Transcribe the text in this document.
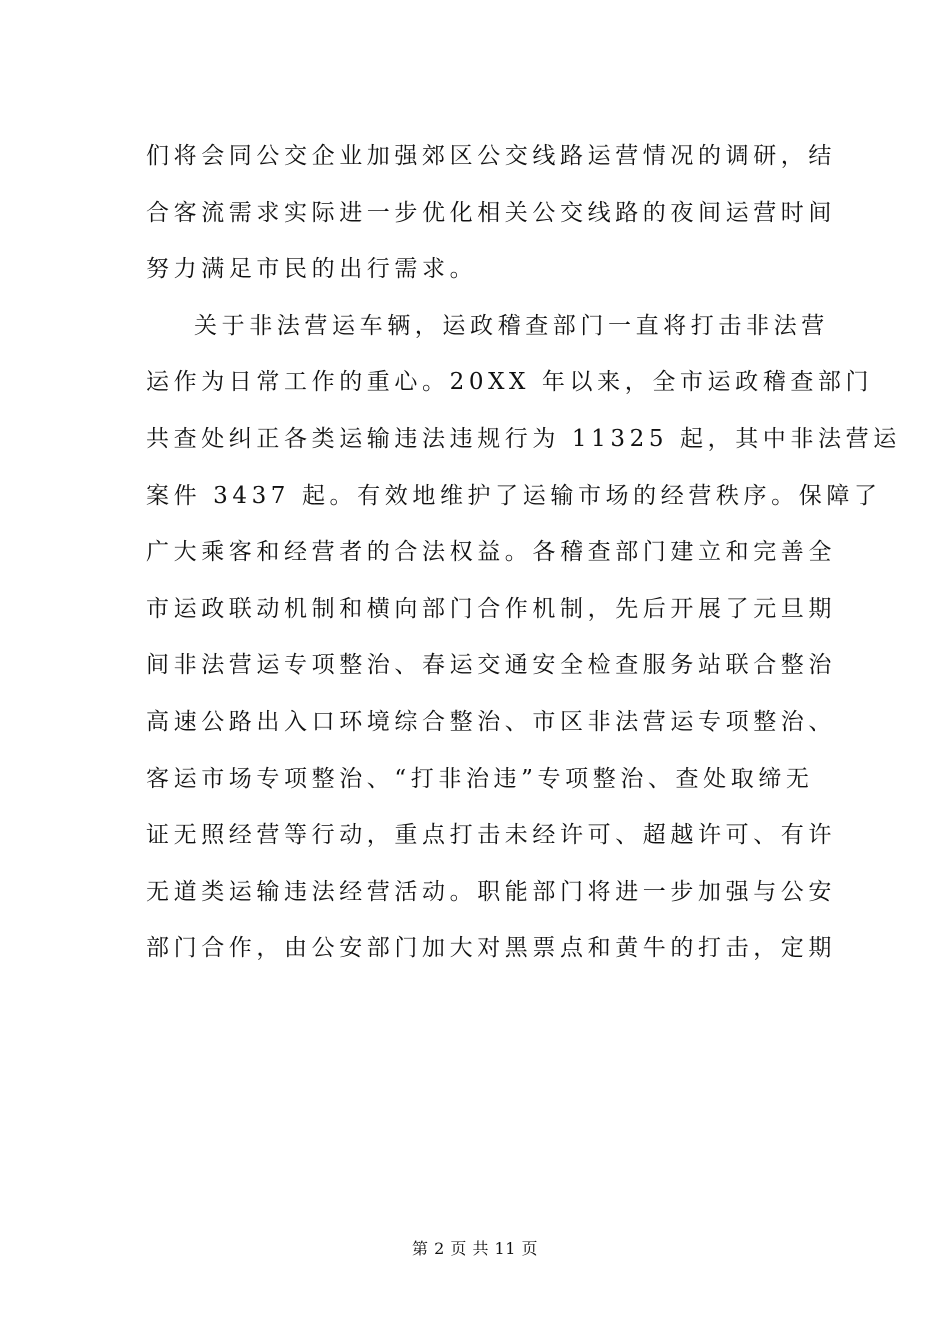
们将会同公交企业加强郊区公交线路运营情况的调研，结
合客流需求实际进一步优化相关公交线路的夜间运营时间
努力满足市民的出行需求。
关于非法营运车辆，运政稽查部门一直将打击非法营
运作为日常工作的重心。20XX 年以来，全市运政稽查部门
共查处纠正各类运输违法违规行为 11325 起，其中非法营运
案件 3437 起。有效地维护了运输市场的经营秩序。保障了
广大乘客和经营者的合法权益。各稽查部门建立和完善全
市运政联动机制和横向部门合作机制，先后开展了元旦期
间非法营运专项整治、春运交通安全检查服务站联合整治
高速公路出入口环境综合整治、市区非法营运专项整治、
客运市场专项整治、“打非治违”专项整治、查处取缔无
证无照经营等行动，重点打击未经许可、超越许可、有许
无道类运输违法经营活动。职能部门将进一步加强与公安
部门合作，由公安部门加大对黑票点和黄牛的打击，定期
第 2 页 共 11 页
